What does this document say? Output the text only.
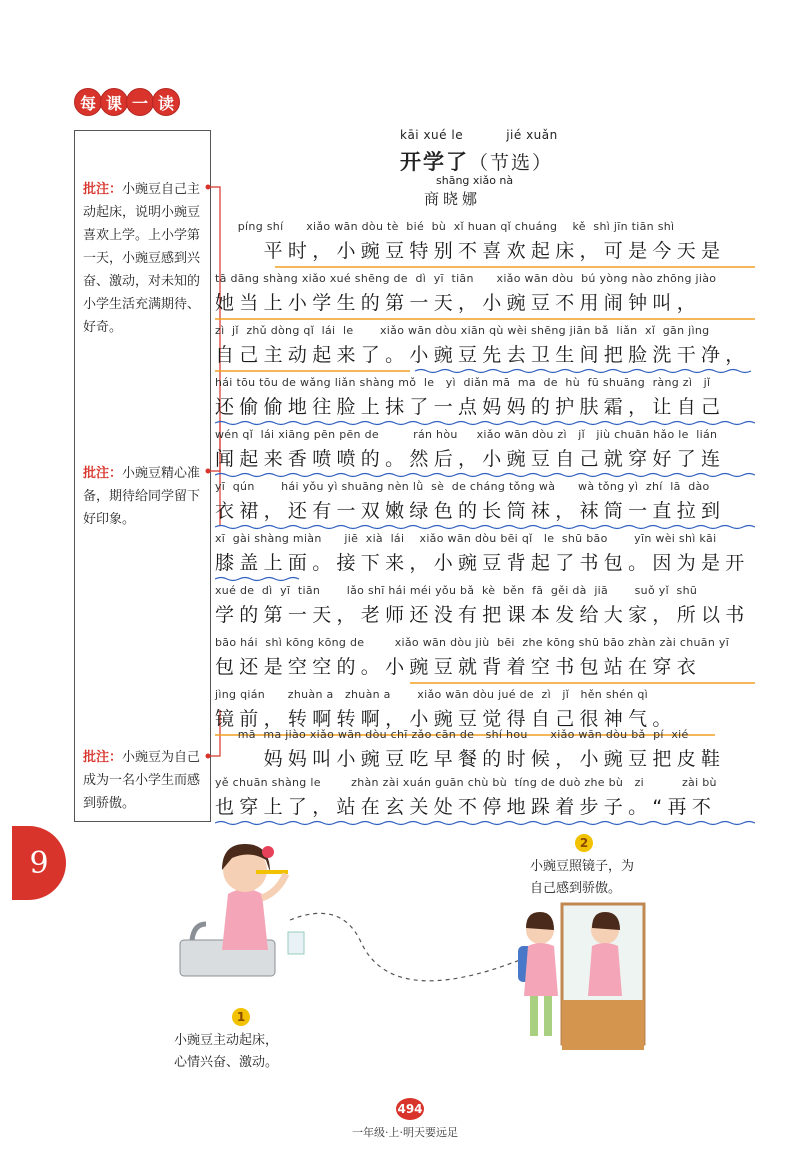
每 课 一 读
批注：小豌豆自己主动起床，说明小豌豆喜欢上学。上小学第一天，小豌豆感到兴奋、激动，对未知的小学生活充满期待、好奇。
批注：小豌豆精心准备，期待给同学留下好印象。
批注：小豌豆为自己成为一名小学生而感到骄傲。
kāi xué le          jié xuǎn
开学了（节选）
shāng xiǎo nà
商晓娜
píng shí      xiǎo wān dòu tè  bié  bù  xǐ huan qǐ chuáng    kě  shì jīn tiān shì
　　平时，小豌豆特别不喜欢起床，可是今天是
tā dāng shàng xiǎo xué shēng de  dì  yī  tiān      xiǎo wān dòu  bú yòng nào zhōng jiào
她当上小学生的第一天，小豌豆不用闹钟叫，
zì  jǐ  zhǔ dòng qǐ  lái  le       xiǎo wān dòu xiān qù wèi shēng jiān bǎ  liǎn  xǐ  gān jìng
自己主动起来了。小豌豆先去卫生间把脸洗干净，
hái tōu tōu de wǎng liǎn shàng mǒ  le   yì  diǎn mā  ma  de  hù  fū shuāng  ràng zì   jǐ
还偷偷地往脸上抹了一点妈妈的护肤霜，让自己
wén qǐ  lái xiāng pēn pēn de         rán hòu     xiǎo wān dòu zì   jǐ   jiù chuān hǎo le  lián
闻起来香喷喷的。然后，小豌豆自己就穿好了连
yī  qún       hái yǒu yì shuāng nèn lǜ  sè  de cháng tǒng wà      wà tǒng yì  zhí  lā  dào
衣裙，还有一双嫩绿色的长筒袜，袜筒一直拉到
xī  gài shàng miàn      jiē  xià  lái    xiǎo wān dòu bēi qǐ   le  shū bāo       yīn wèi shì kāi
膝盖上面。接下来，小豌豆背起了书包。因为是开
xué de  dì  yī  tiān       lǎo shī hái méi yǒu bǎ  kè  běn  fā  gěi dà  jiā       suǒ yǐ  shū
学的第一天，老师还没有把课本发给大家，所以书
bāo hái  shì kōng kōng de        xiǎo wān dòu jiù  bēi  zhe kōng shū bāo zhàn zài chuān yī
包还是空空的。小豌豆就背着空书包站在穿衣
jìng qián      zhuàn a   zhuàn a       xiǎo wān dòu jué de  zì   jǐ   hěn shén qì
镜前，转啊转啊，小豌豆觉得自己很神气。
mā  ma jiào xiǎo wān dòu chī zǎo cān de   shí hou      xiǎo wān dòu bǎ  pí  xié
　　妈妈叫小豌豆吃早餐的时候，小豌豆把皮鞋
yě chuān shàng le        zhàn zài xuán guān chù bù  tíng de duò zhe bù   zi          zài bù
也穿上了，站在玄关处不停地跺着步子。“再不
9
1
小豌豆主动起床，
心情兴奋、激动。
2
小豌豆照镜子，为
自己感到骄傲。
494
一年级·上·明天要远足
